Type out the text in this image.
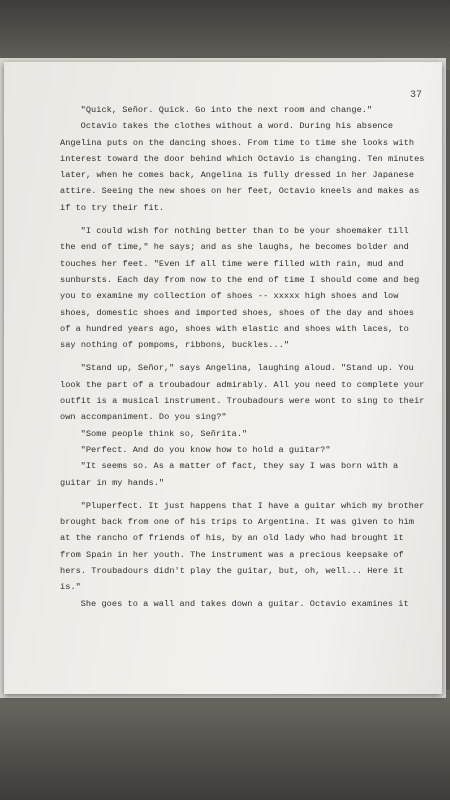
37

"Quick, Señor. Quick. Go into the next room and change."

Octavio takes the clothes without a word. During his absence Angelina puts on the dancing shoes. From time to time she looks with interest toward the door behind which Octavio is changing. Ten minutes later, when he comes back, Angelina is fully dressed in her Japanese attire. Seeing the new shoes on her feet, Octavio kneels and makes as if to try their fit.

"I could wish for nothing better than to be your shoemaker till the end of time," he says; and as she laughs, he becomes bolder and touches her feet. "Even if all time were filled with rain, mud and sunbursts. Each day from now to the end of time I should come and beg you to examine my collection of shoes -- xxxxx high shoes and low shoes, domestic shoes and imported shoes, shoes of the day and shoes of a hundred years ago, shoes with elastic and shoes with laces, to say nothing of pompoms, ribbons, buckles..."

"Stand up, Señor," says Angelina, laughing aloud. "Stand up. You look the part of a troubadour admirably. All you need to complete your outfit is a musical instrument. Troubadours were wont to sing to their own accompaniment. Do you sing?"

"Some people think so, Señrita."

"Perfect. And do you know how to hold a guitar?"

"It seems so. As a matter of fact, they say I was born with a guitar in my hands."

"Pluperfect. It just happens that I have a guitar which my brother brought back from one of his trips to Argentina. It was given to him at the rancho of friends of his, by an old lady who had brought it from Spain in her youth. The instrument was a precious keepsake of hers. Troubadours didn't play the guitar, but, oh, well... Here it is."

She goes to a wall and takes down a guitar. Octavio examines it
